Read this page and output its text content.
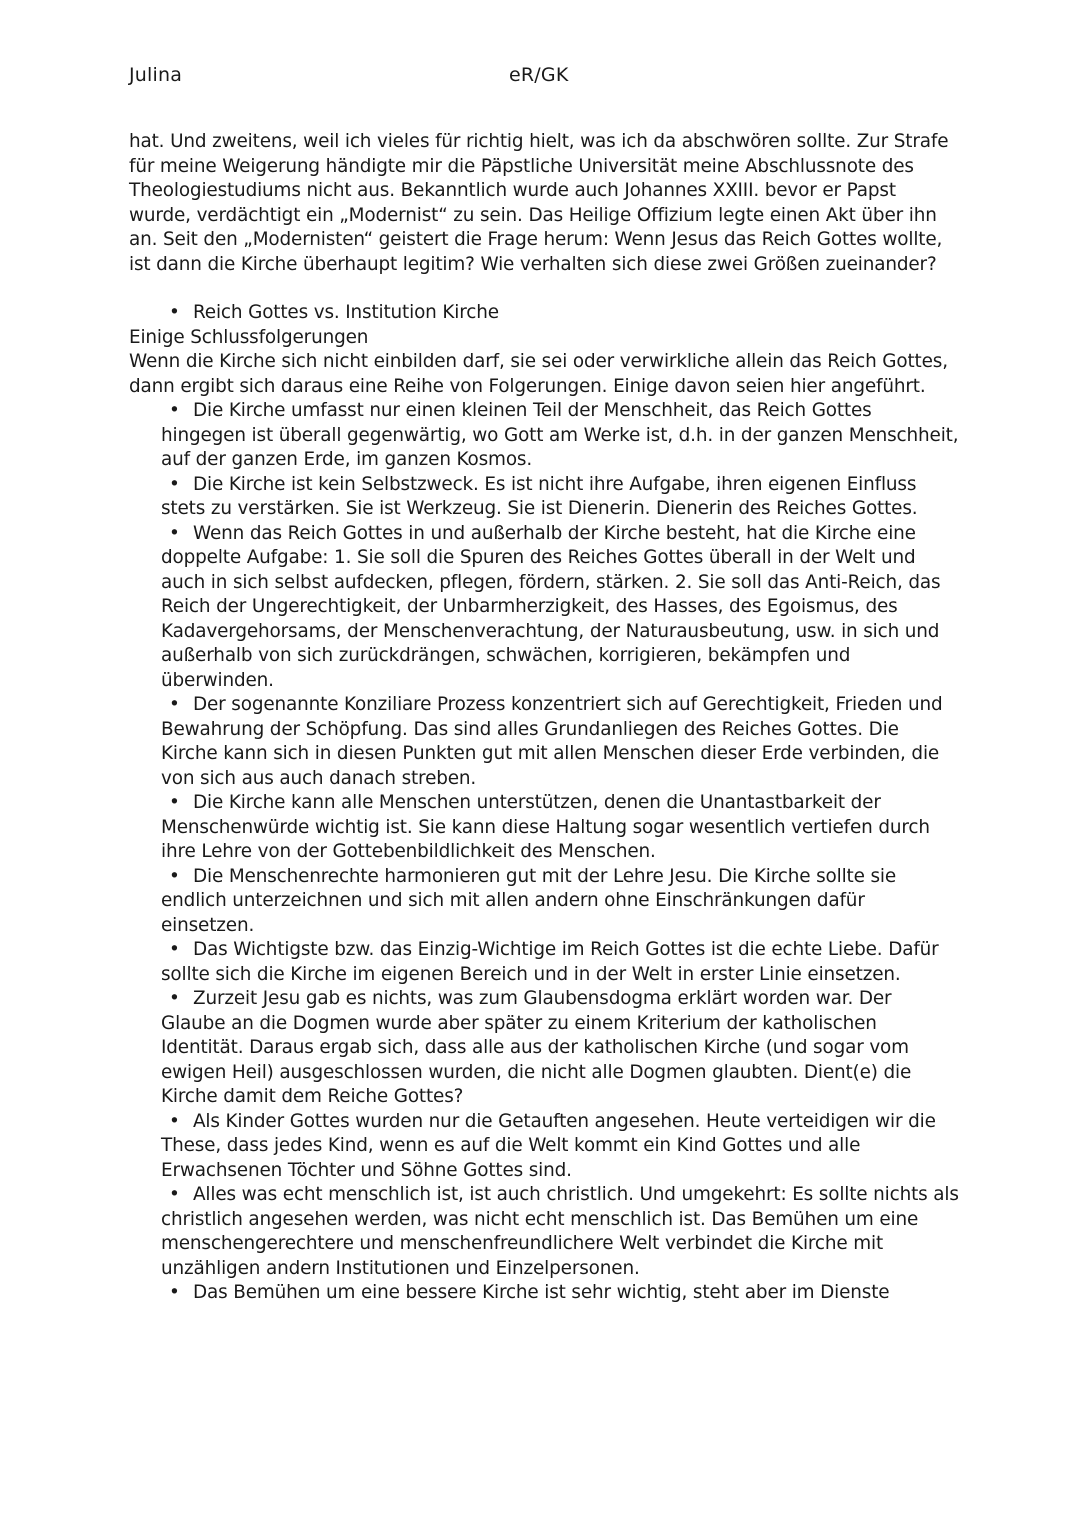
Julina	eR/GK

hat. Und zweitens, weil ich vieles für richtig hielt, was ich da abschwören sollte. Zur Strafe für meine Weigerung händigte mir die Päpstliche Universität meine Abschlussnote des Theologiestudiums nicht aus. Bekanntlich wurde auch Johannes XXIII. bevor er Papst wurde, verdächtigt ein „Modernist“ zu sein. Das Heilige Offizium legte einen Akt über ihn an. Seit den „Modernisten“ geistert die Frage herum: Wenn Jesus das Reich Gottes wollte, ist dann die Kirche überhaupt legitim? Wie verhalten sich diese zwei Größen zueinander?

• Reich Gottes vs. Institution Kirche

Einige Schlussfolgerungen

Wenn die Kirche sich nicht einbilden darf, sie sei oder verwirkliche allein das Reich Gottes, dann ergibt sich daraus eine Reihe von Folgerungen. Einige davon seien hier angeführt.

• Die Kirche umfasst nur einen kleinen Teil der Menschheit, das Reich Gottes hingegen ist überall gegenwärtig, wo Gott am Werke ist, d.h. in der ganzen Menschheit, auf der ganzen Erde, im ganzen Kosmos.
• Die Kirche ist kein Selbstzweck. Es ist nicht ihre Aufgabe, ihren eigenen Einfluss stets zu verstärken. Sie ist Werkzeug. Sie ist Dienerin. Dienerin des Reiches Gottes.
• Wenn das Reich Gottes in und außerhalb der Kirche besteht, hat die Kirche eine doppelte Aufgabe: 1. Sie soll die Spuren des Reiches Gottes überall in der Welt und auch in sich selbst aufdecken, pflegen, fördern, stärken. 2. Sie soll das Anti-Reich, das Reich der Ungerechtigkeit, der Unbarmherzigkeit, des Hasses, des Egoismus, des Kadavergehorsams, der Menschenverachtung, der Naturausbeutung, usw. in sich und außerhalb von sich zurückdrängen, schwächen, korrigieren, bekämpfen und überwinden.
• Der sogenannte Konziliare Prozess konzentriert sich auf Gerechtigkeit, Frieden und Bewahrung der Schöpfung. Das sind alles Grundanliegen des Reiches Gottes. Die Kirche kann sich in diesen Punkten gut mit allen Menschen dieser Erde verbinden, die von sich aus auch danach streben.
• Die Kirche kann alle Menschen unterstützen, denen die Unantastbarkeit der Menschenwürde wichtig ist. Sie kann diese Haltung sogar wesentlich vertiefen durch ihre Lehre von der Gottebenbildlichkeit des Menschen.
• Die Menschenrechte harmonieren gut mit der Lehre Jesu. Die Kirche sollte sie endlich unterzeichnen und sich mit allen andern ohne Einschränkungen dafür einsetzen.
• Das Wichtigste bzw. das Einzig-Wichtige im Reich Gottes ist die echte Liebe. Dafür sollte sich die Kirche im eigenen Bereich und in der Welt in erster Linie einsetzen.
• Zurzeit Jesu gab es nichts, was zum Glaubensdogma erklärt worden war. Der Glaube an die Dogmen wurde aber später zu einem Kriterium der katholischen Identität. Daraus ergab sich, dass alle aus der katholischen Kirche (und sogar vom ewigen Heil) ausgeschlossen wurden, die nicht alle Dogmen glaubten. Dient(e) die Kirche damit dem Reiche Gottes?
• Als Kinder Gottes wurden nur die Getauften angesehen. Heute verteidigen wir die These, dass jedes Kind, wenn es auf die Welt kommt ein Kind Gottes und alle Erwachsenen Töchter und Söhne Gottes sind.
• Alles was echt menschlich ist, ist auch christlich. Und umgekehrt: Es sollte nichts als christlich angesehen werden, was nicht echt menschlich ist. Das Bemühen um eine menschengerechtere und menschenfreundlichere Welt verbindet die Kirche mit unzähligen andern Institutionen und Einzelpersonen.
• Das Bemühen um eine bessere Kirche ist sehr wichtig, steht aber im Dienste
